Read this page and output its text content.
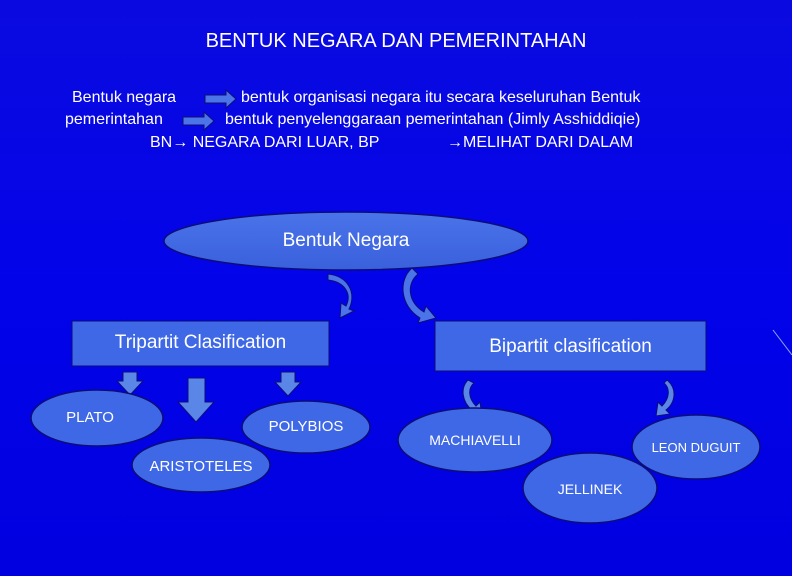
BENTUK NEGARA DAN PEMERINTAHAN
Bentuk negara	bentuk organisasi negara itu secara keseluruhan Bentuk
pemerintahan	bentuk penyelenggaraan pemerintahan (Jimly Asshiddiqie)
BN→ NEGARA DARI LUAR, BP	→MELIHAT DARI DALAM
Bentuk Negara
Tripartit Clasification	Bipartit clasification
PLATO
ARISTOTELES
POLYBIOS
MACHIAVELLI
JELLINEK
LEON DUGUIT
